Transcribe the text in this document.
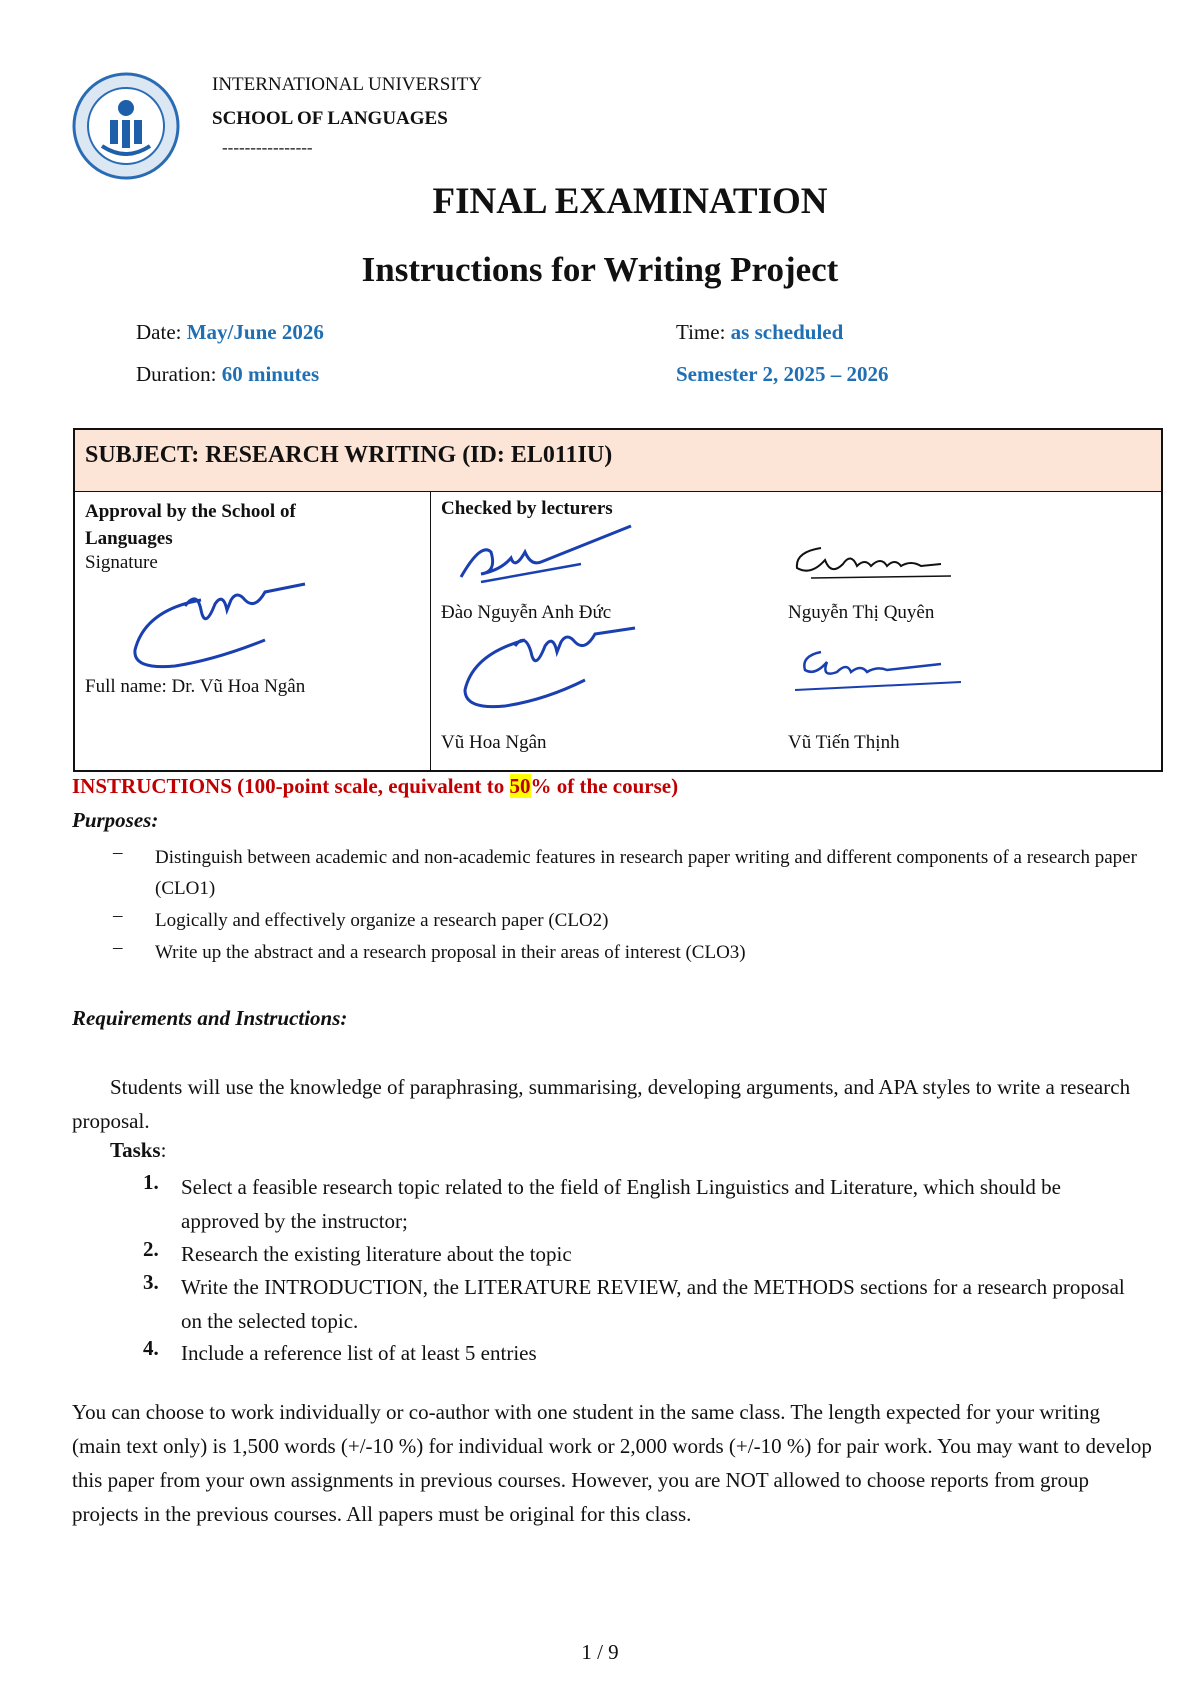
INTERNATIONAL UNIVERSITY
SCHOOL OF LANGUAGES
----------------
FINAL EXAMINATION
Instructions for Writing Project
Date: May/June 2026	Time: as scheduled
Duration: 60 minutes	Semester 2, 2025 – 2026
SUBJECT: RESEARCH WRITING (ID: EL011IU)

Approval by the School of Languages
Signature
Full name: Dr. Vũ Hoa Ngân

Checked by lecturers
Đào Nguyễn Anh Đức	Nguyễn Thị Quyên
Vũ Hoa Ngân	Vũ Tiến Thịnh
INSTRUCTIONS (100-point scale, equivalent to 50% of the course)
Purposes:
– Distinguish between academic and non-academic features in research paper writing and different components of a research paper (CLO1)
– Logically and effectively organize a research paper (CLO2)
– Write up the abstract and a research proposal in their areas of interest (CLO3)
Requirements and Instructions:
Students will use the knowledge of paraphrasing, summarising, developing arguments, and APA styles to write a research proposal.
Tasks:
1. Select a feasible research topic related to the field of English Linguistics and Literature, which should be approved by the instructor;
2. Research the existing literature about the topic
3. Write the INTRODUCTION, the LITERATURE REVIEW, and the METHODS sections for a research proposal on the selected topic.
4. Include a reference list of at least 5 entries
You can choose to work individually or co-author with one student in the same class. The length expected for your writing (main text only) is 1,500 words (+/-10 %) for individual work or 2,000 words (+/-10 %) for pair work. You may want to develop this paper from your own assignments in previous courses. However, you are NOT allowed to choose reports from group projects in the previous courses. All papers must be original for this class.
1 / 9
